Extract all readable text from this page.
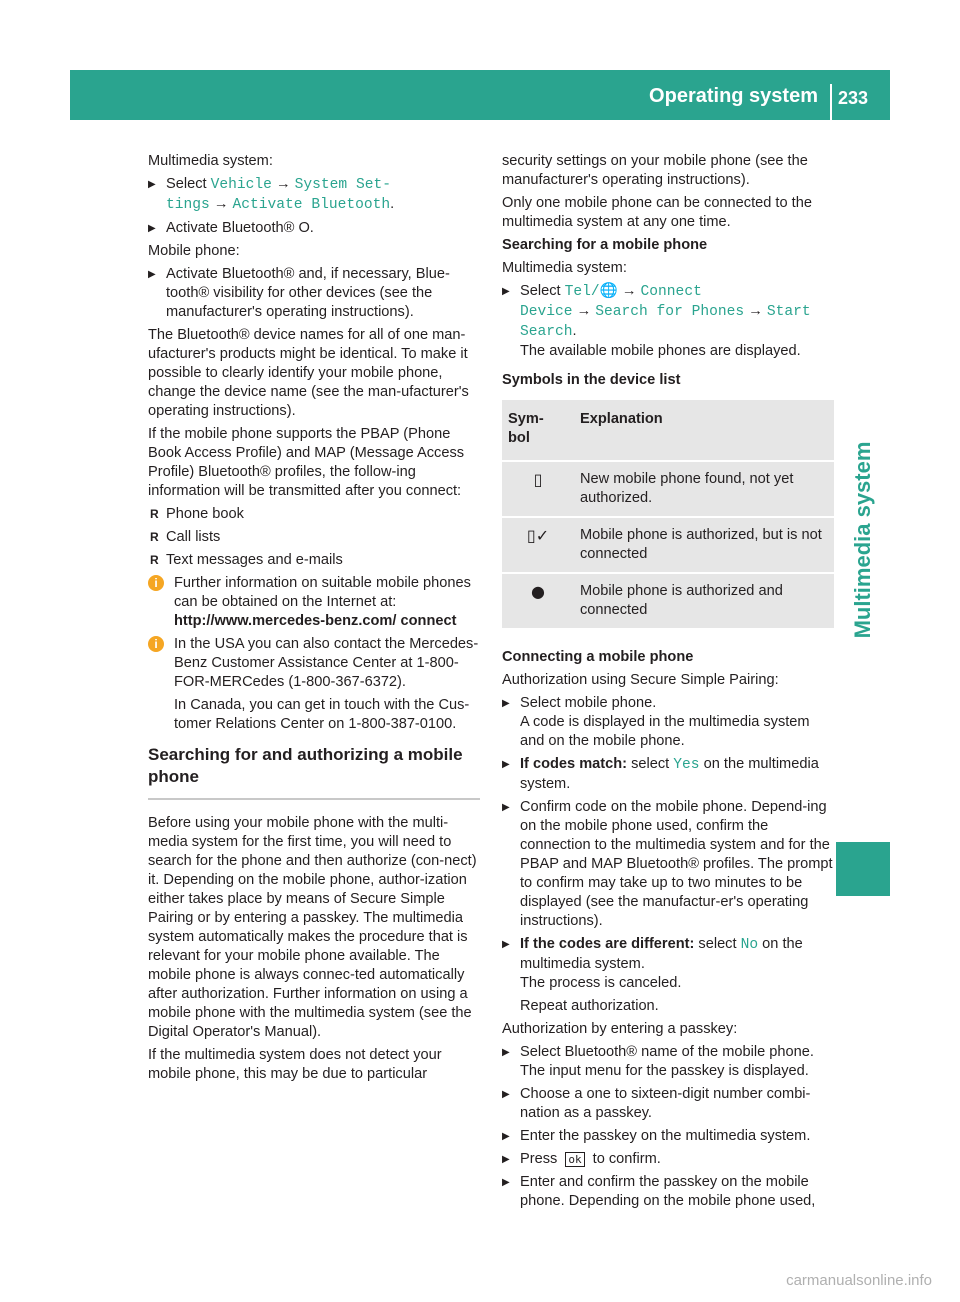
Operating system 233
Multimedia system

Multimedia system:

▶ Select Vehicle → System Set‐
tings → Activate Bluetooth.
▶ Activate Bluetooth® O.

Mobile phone:

▶ Activate Bluetooth® and, if necessary, Blue-tooth® visibility for other devices (see the manufacturer's operating instructions).

The Bluetooth® device names for all of one man-ufacturer's products might be identical. To make it possible to clearly identify your mobile phone, change the device name (see the man-ufacturer's operating instructions).

If the mobile phone supports the PBAP (Phone Book Access Profile) and MAP (Message Access Profile) Bluetooth® profiles, the follow-ing information will be transmitted after you connect:

R Phone book
R Call lists
R Text messages and e-mails
i	Further information on suitable mobile phones can be obtained on the Internet at:
http://www.mercedes-benz.com/ connect
i	In the USA you can also contact the Mercedes-Benz Customer Assistance Center at 1-800-FOR-MERCedes (1-800-367-6372).
In Canada, you can get in touch with the Cus-tomer Relations Center on 1-800-387-0100.
Searching for and authorizing a mobile phone

Before using your mobile phone with the multi-media system for the first time, you will need to search for the phone and then authorize (con-nect) it. Depending on the mobile phone, author-ization either takes place by means of Secure Simple Pairing or by entering a passkey. The multimedia system automatically makes the procedure that is relevant for your mobile phone available. The mobile phone is always connec-ted automatically after authorization. Further information on using a mobile phone with the multimedia system (see the Digital Operator's Manual).

If the multimedia system does not detect your mobile phone, this may be due to particular

security settings on your mobile phone (see the manufacturer's operating instructions).

Only one mobile phone can be connected to the multimedia system at any one time.

Searching for a mobile phone

Multimedia system:

▶ Select Tel/🌐 → Connect
Device → Search for Phones → Start
Search.
The available mobile phones are displayed.

Symbols in the device list

Sym-
bol	Explanation
▯	New mobile phone found, not yet authorized.
▯✓	Mobile phone is authorized, but is not connected
●	Mobile phone is authorized and connected

Connecting a mobile phone

Authorization using Secure Simple Pairing:

▶ Select mobile phone.
A code is displayed in the multimedia system and on the mobile phone.
▶ If codes match: select Yes on the multimedia system.
▶ Confirm code on the mobile phone. Depend-ing on the mobile phone used, confirm the connection to the multimedia system and for the PBAP and MAP Bluetooth® profiles. The prompt to confirm may take up to two minutes to be displayed (see the manufactur-er's operating instructions).
▶ If the codes are different: select No on the multimedia system.
The process is canceled.
Repeat authorization.

Authorization by entering a passkey:

▶ Select Bluetooth® name of the mobile phone.
The input menu for the passkey is displayed.
▶ Choose a one to sixteen-digit number combi-nation as a passkey.
▶ Enter the passkey on the multimedia system.
▶ Press ok to confirm.
▶ Enter and confirm the passkey on the mobile phone. Depending on the mobile phone used,
carmanualsonline.info
